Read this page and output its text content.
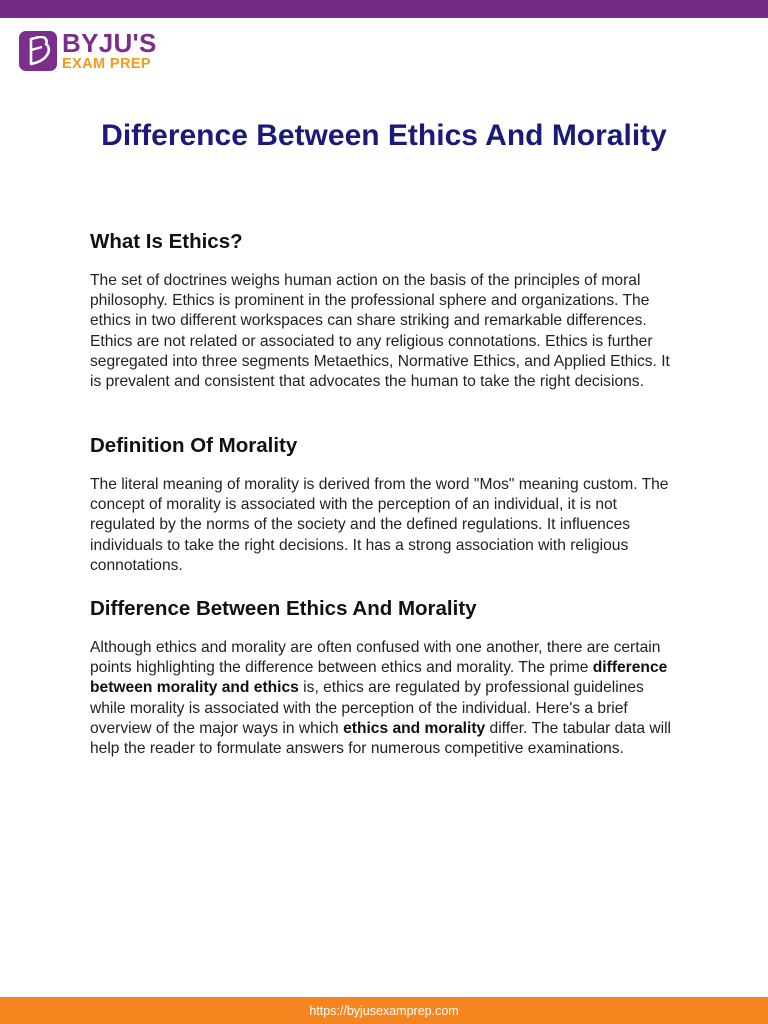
BYJU'S
EXAM PREP
Difference Between Ethics And Morality
What Is Ethics?

The set of doctrines weighs human action on the basis of the principles of moral philosophy. Ethics is prominent in the professional sphere and organizations. The ethics in two different workspaces can share striking and remarkable differences. Ethics are not related or associated to any religious connotations. Ethics is further segregated into three segments Metaethics, Normative Ethics, and Applied Ethics. It is prevalent and consistent that advocates the human to take the right decisions.

Definition Of Morality

The literal meaning of morality is derived from the word "Mos" meaning custom. The concept of morality is associated with the perception of an individual, it is not regulated by the norms of the society and the defined regulations. It influences individuals to take the right decisions. It has a strong association with religious connotations.

Difference Between Ethics And Morality

Although ethics and morality are often confused with one another, there are certain points highlighting the difference between ethics and morality. The prime difference between morality and ethics is, ethics are regulated by professional guidelines while morality is associated with the perception of the individual. Here's a brief overview of the major ways in which ethics and morality differ. The tabular data will help the reader to formulate answers for numerous competitive examinations.

https://byjusexamprep.com
